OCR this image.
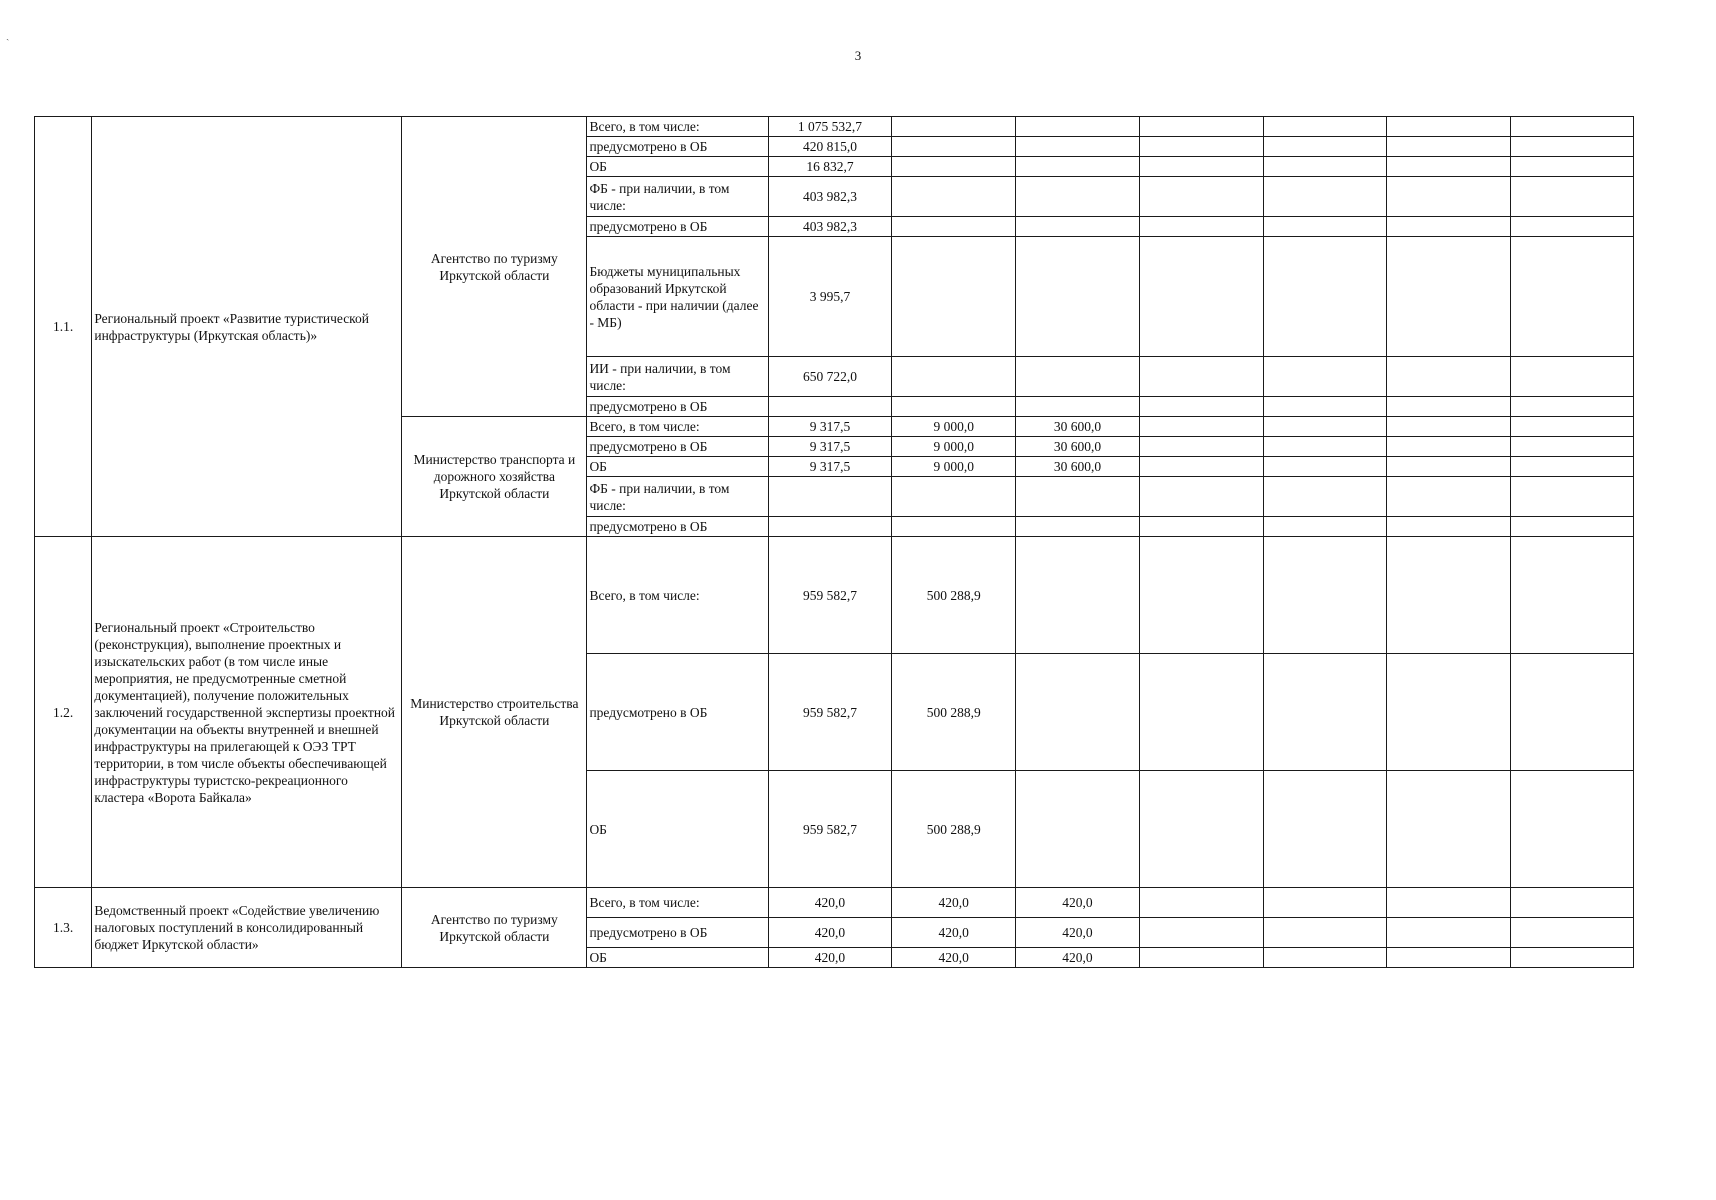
3
1.1.	Региональный проект «Развитие туристической инфраструктуры (Иркутская область)»	Агентство по туризму Иркутской области	Всего, в том числе:	1 075 532,7						
			предусмотрено в ОБ	420 815,0						
			ОБ	16 832,7						
			ФБ - при наличии, в том числе:	403 982,3						
			предусмотрено в ОБ	403 982,3						
			Бюджеты муниципальных образований Иркутской области - при наличии (далее - МБ)	3 995,7						
			ИИ - при наличии, в том числе:	650 722,0						
			предусмотрено в ОБ							
		Министерство транспорта и дорожного хозяйства Иркутской области	Всего, в том числе:	9 317,5	9 000,0	30 600,0				
			предусмотрено в ОБ	9 317,5	9 000,0	30 600,0				
			ОБ	9 317,5	9 000,0	30 600,0				
			ФБ - при наличии, в том числе:							
			предусмотрено в ОБ							
1.2.	Региональный проект «Строительство (реконструкция), выполнение проектных и изыскательских работ (в том числе иные мероприятия, не предусмотренные сметной документацией), получение положительных заключений государственной экспертизы проектной документации на объекты внутренней и внешней инфраструктуры на прилегающей к ОЭЗ ТРТ территории, в том числе объекты обеспечивающей инфраструктуры туристско-рекреационного кластера «Ворота Байкала»	Министерство строительства Иркутской области	Всего, в том числе:	959 582,7	500 288,9					
			предусмотрено в ОБ	959 582,7	500 288,9					
			ОБ	959 582,7	500 288,9					
1.3.	Ведомственный проект «Содействие увеличению налоговых поступлений в консолидированный бюджет Иркутской области»	Агентство по туризму Иркутской области	Всего, в том числе:	420,0	420,0	420,0				
			предусмотрено в ОБ	420,0	420,0	420,0				
			ОБ	420,0	420,0	420,0				
ˏ
